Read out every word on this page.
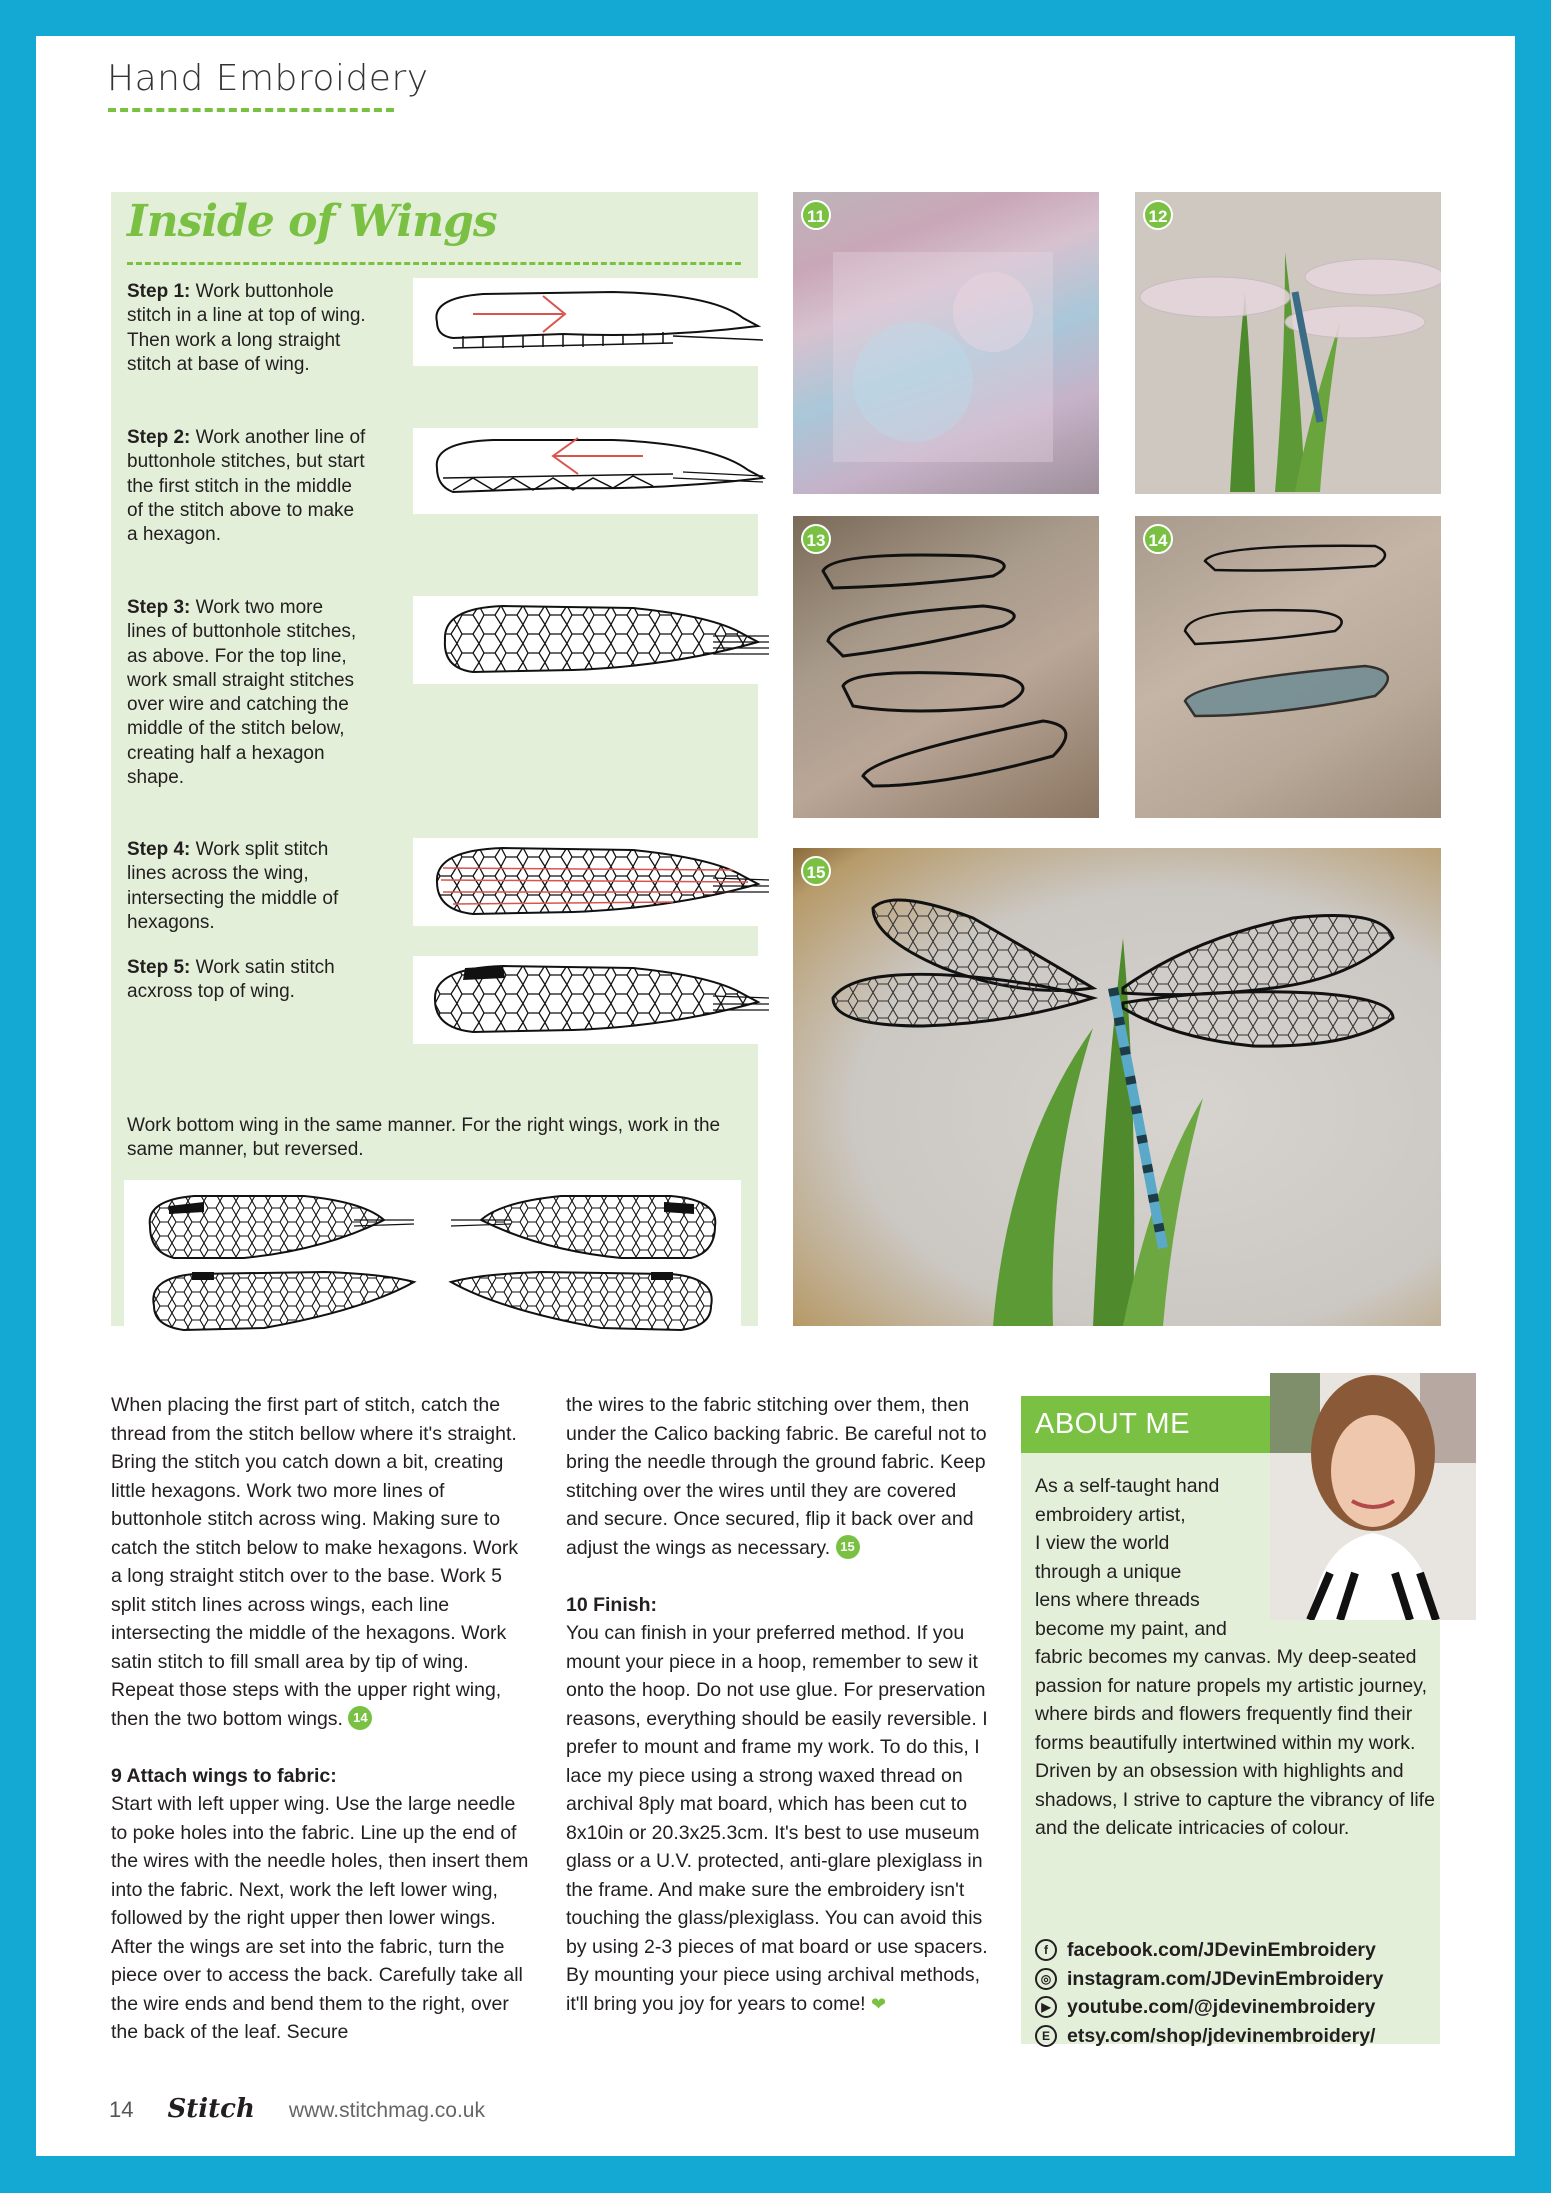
Hand Embroidery
Inside of Wings
Step 1: Work buttonhole stitch in a line at top of wing. Then work a long straight stitch at base of wing.
Step 2: Work another line of buttonhole stitches, but start the first stitch in the middle of the stitch above to make a hexagon.
Step 3: Work two more lines of buttonhole stitches, as above. For the top line, work small straight stitches over wire and catching the middle of the stitch below, creating half a hexagon shape.
Step 4: Work split stitch lines across the wing, intersecting the middle of hexagons.
Step 5: Work satin stitch acxross top of wing.
Work bottom wing in the same manner. For the right wings, work in the same manner, but reversed.
11	12
13	14
15

When placing the first part of stitch, catch the thread from the stitch bellow where it's straight. Bring the stitch you catch down a bit, creating little hexagons. Work two more lines of buttonhole stitch across wing. Making sure to catch the stitch below to make hexagons. Work a long straight stitch over to the base. Work 5 split stitch lines across wings, each line intersecting the middle of the hexagons. Work satin stitch to fill small area by tip of wing. Repeat those steps with the upper right wing, then the two bottom wings. 14

9 Attach wings to fabric:

Start with left upper wing. Use the large needle to poke holes into the fabric. Line up the end of the wires with the needle holes, then insert them into the fabric. Next, work the left lower wing, followed by the right upper then lower wings. After the wings are set into the fabric, turn the piece over to access the back. Carefully take all the wire ends and bend them to the right, over the back of the leaf. Secure

the wires to the fabric stitching over them, then under the Calico backing fabric. Be careful not to bring the needle through the ground fabric. Keep stitching over the wires until they are covered and secure. Once secured, flip it back over and adjust the wings as necessary. 15

10 Finish:

You can finish in your preferred method. If you mount your piece in a hoop, remember to sew it onto the hoop. Do not use glue. For preservation reasons, everything should be easily reversible. I prefer to mount and frame my work. To do this, I lace my piece using a strong waxed thread on archival 8ply mat board, which has been cut to 8x10in or 20.3x25.3cm. It's best to use museum glass or a U.V. protected, anti-glare plexiglass in the frame. And make sure the embroidery isn't touching the glass/plexiglass. You can avoid this by using 2-3 pieces of mat board or use spacers. By mounting your piece using archival methods, it'll bring you joy for years to come! ❤

ABOUT ME
As a self-taught hand
embroidery artist,
I view the world
through a unique
lens where threads
become my paint, and
fabric becomes my canvas. My deep-seated passion for nature propels my artistic journey, where birds and flowers frequently find their forms beautifully intertwined within my work. Driven by an obsession with highlights and shadows, I strive to capture the vibrancy of life and the delicate intricacies of colour.
f facebook.com/JDevinEmbroidery
◎ instagram.com/JDevinEmbroidery
▶ youtube.com/@jdevinembroidery
E etsy.com/shop/jdevinembroidery/
14 Stitch www.stitchmag.co.uk
